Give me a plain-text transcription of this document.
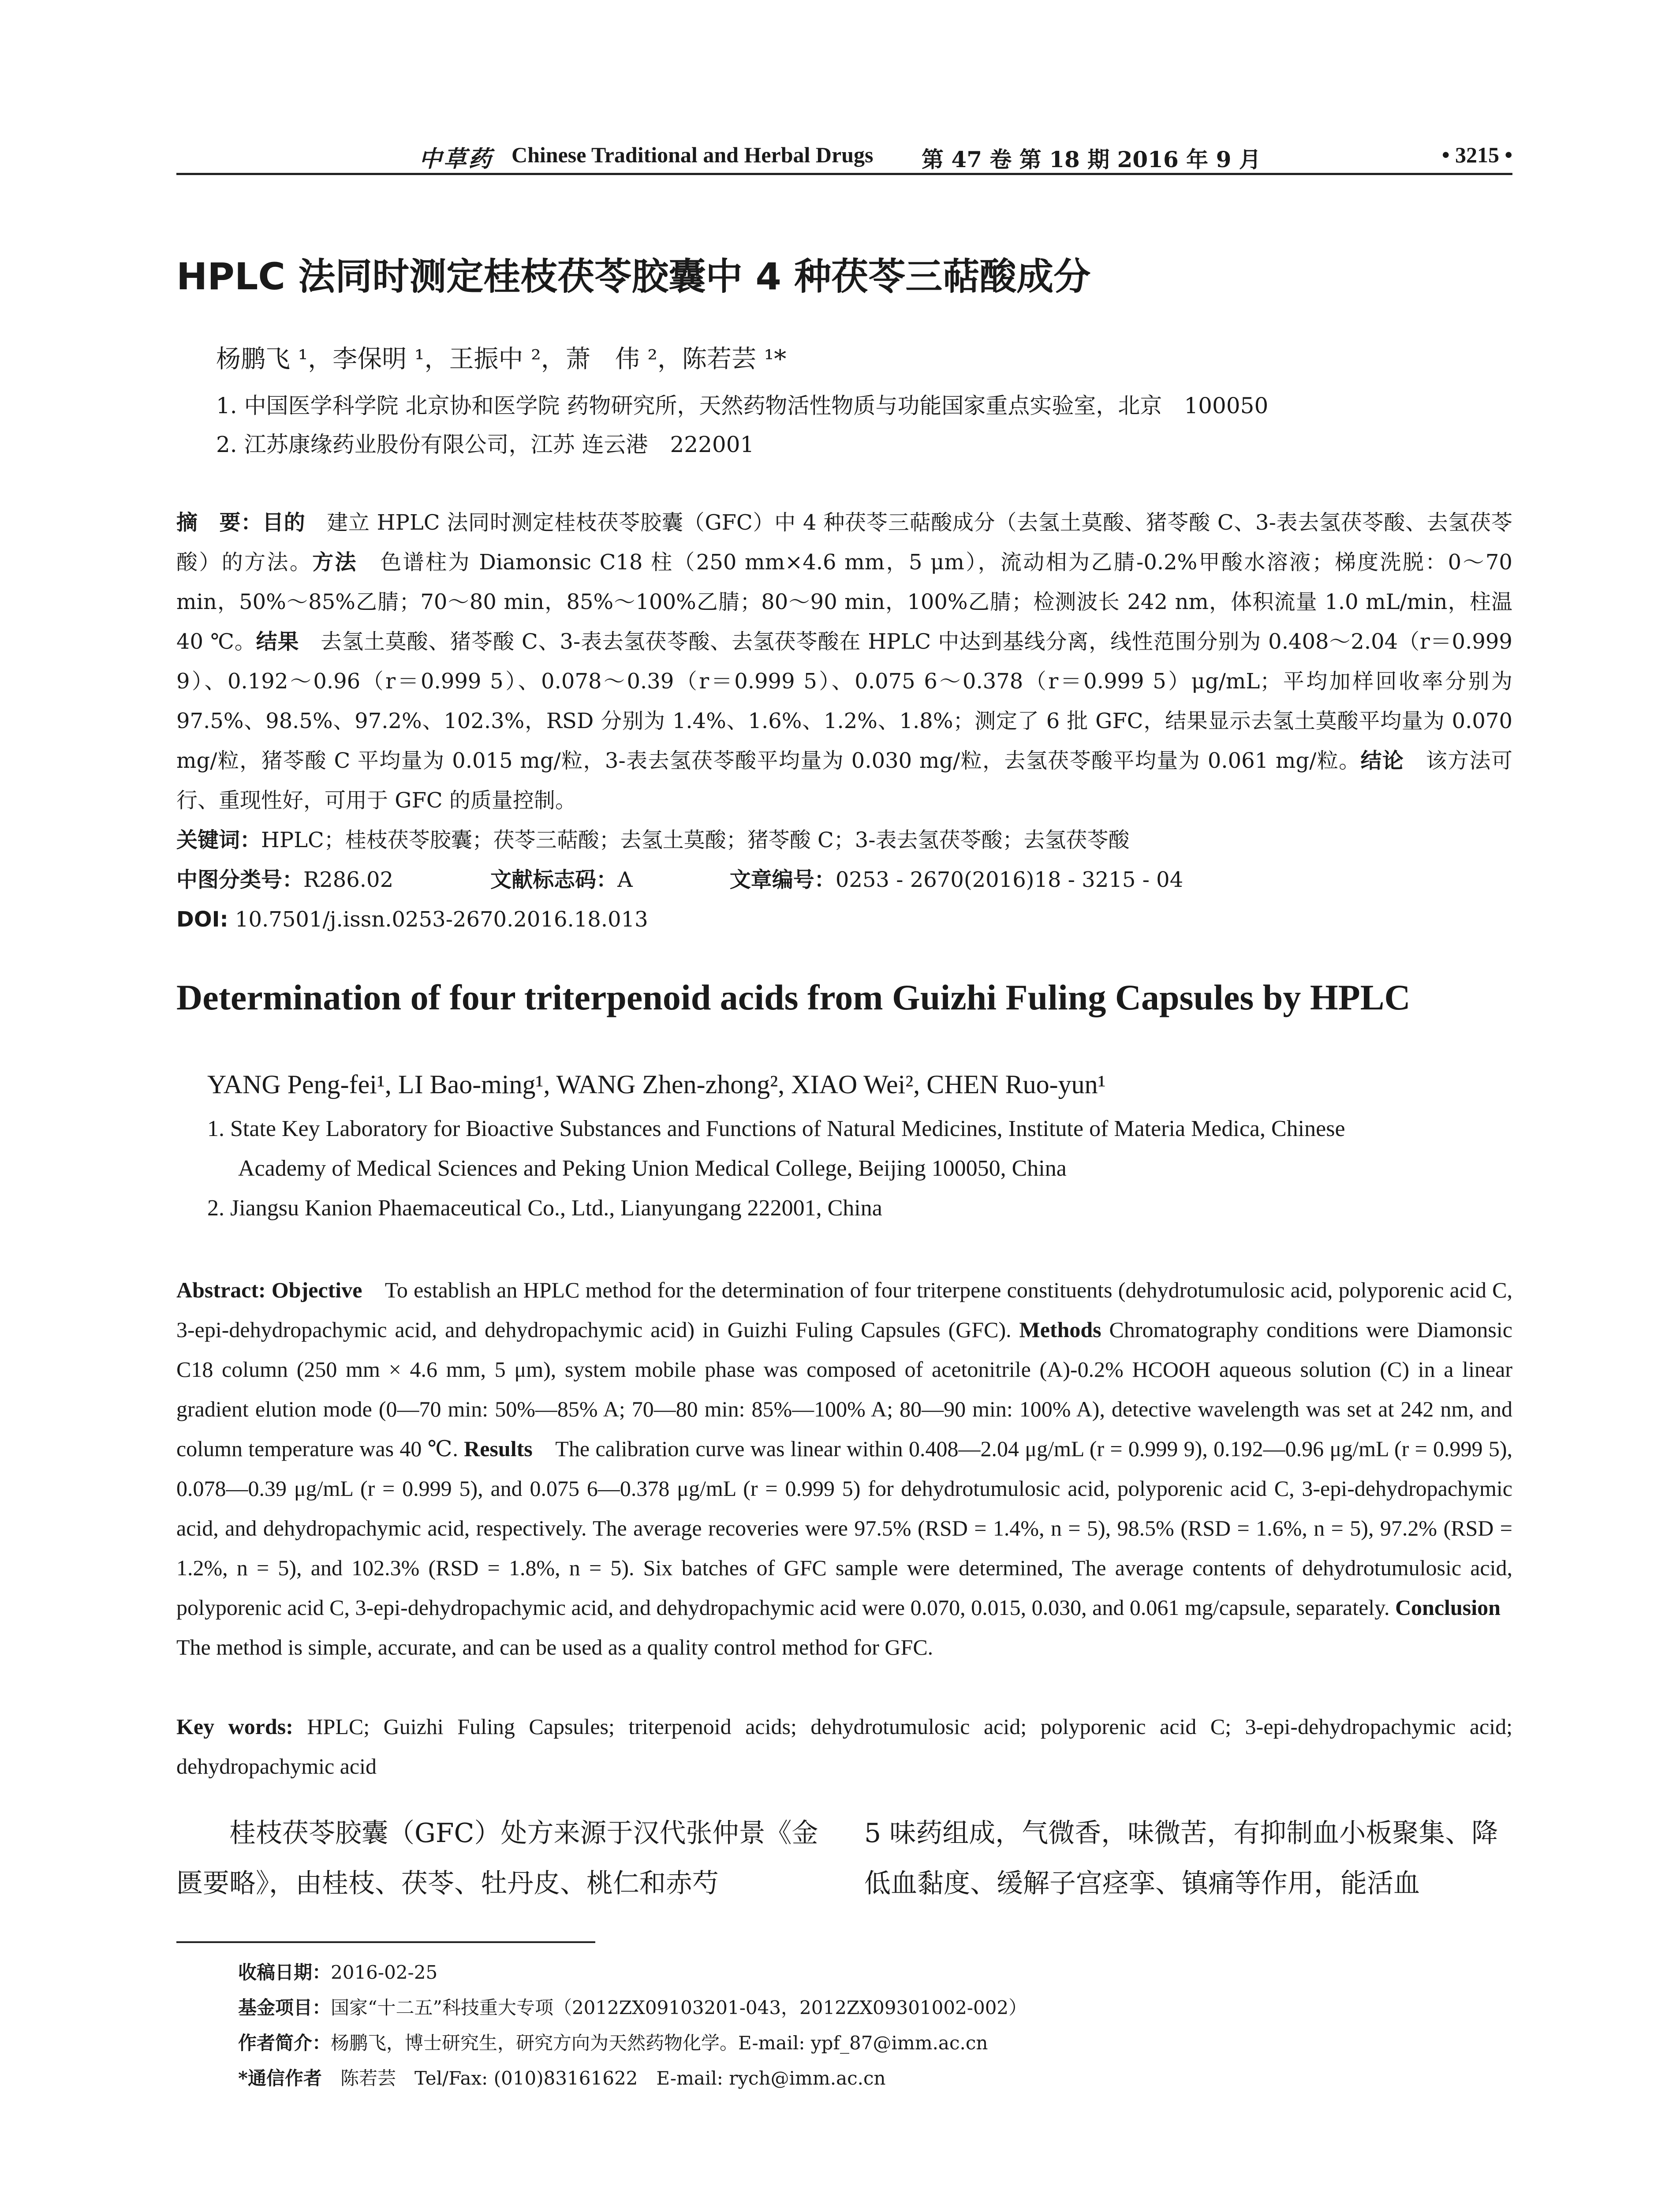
中草药 Chinese Traditional and Herbal Drugs 第 47 卷 第 18 期 2016 年 9 月	• 3215 •
HPLC 法同时测定桂枝茯苓胶囊中 4 种茯苓三萜酸成分
杨鹏飞 ¹，李保明 ¹，王振中 ²，萧　伟 ²，陈若芸 ¹*
1. 中国医学科学院 北京协和医学院 药物研究所，天然药物活性物质与功能国家重点实验室，北京　100050
2. 江苏康缘药业股份有限公司，江苏 连云港　222001
摘　要：目的　建立 HPLC 法同时测定桂枝茯苓胶囊（GFC）中 4 种茯苓三萜酸成分（去氢土莫酸、猪苓酸 C、3-表去氢茯苓酸、去氢茯苓酸）的方法。方法　色谱柱为 Diamonsic C18 柱（250 mm×4.6 mm，5 μm），流动相为乙腈-0.2%甲酸水溶液；梯度洗脱：0～70 min，50%～85%乙腈；70～80 min，85%～100%乙腈；80～90 min，100%乙腈；检测波长 242 nm，体积流量 1.0 mL/min，柱温 40 ℃。结果　去氢土莫酸、猪苓酸 C、3-表去氢茯苓酸、去氢茯苓酸在 HPLC 中达到基线分离，线性范围分别为 0.408～2.04（r＝0.999 9）、0.192～0.96（r＝0.999 5）、0.078～0.39（r＝0.999 5）、0.075 6～0.378（r＝0.999 5）μg/mL；平均加样回收率分别为 97.5%、98.5%、97.2%、102.3%，RSD 分别为 1.4%、1.6%、1.2%、1.8%；测定了 6 批 GFC，结果显示去氢土莫酸平均量为 0.070 mg/粒，猪苓酸 C 平均量为 0.015 mg/粒，3-表去氢茯苓酸平均量为 0.030 mg/粒，去氢茯苓酸平均量为 0.061 mg/粒。结论　该方法可行、重现性好，可用于 GFC 的质量控制。
关键词：HPLC；桂枝茯苓胶囊；茯苓三萜酸；去氢土莫酸；猪苓酸 C；3-表去氢茯苓酸；去氢茯苓酸
中图分类号：R286.02	文献标志码：A	文章编号：0253 - 2670(2016)18 - 3215 - 04
DOI: 10.7501/j.issn.0253-2670.2016.18.013
Determination of four triterpenoid acids from Guizhi Fuling Capsules by HPLC
YANG Peng-fei¹, LI Bao-ming¹, WANG Zhen-zhong², XIAO Wei², CHEN Ruo-yun¹
1. State Key Laboratory for Bioactive Substances and Functions of Natural Medicines, Institute of Materia Medica, Chinese
Academy of Medical Sciences and Peking Union Medical College, Beijing 100050, China
2. Jiangsu Kanion Phaemaceutical Co., Ltd., Lianyungang 222001, China
Abstract: Objective　To establish an HPLC method for the determination of four triterpene constituents (dehydrotumulosic acid, polyporenic acid C, 3-epi-dehydropachymic acid, and dehydropachymic acid) in Guizhi Fuling Capsules (GFC). Methods Chromatography conditions were Diamonsic C18 column (250 mm × 4.6 mm, 5 μm), system mobile phase was composed of acetonitrile (A)-0.2% HCOOH aqueous solution (C) in a linear gradient elution mode (0—70 min: 50%—85% A; 70—80 min: 85%—100% A; 80—90 min: 100% A), detective wavelength was set at 242 nm, and column temperature was 40 ℃. Results　The calibration curve was linear within 0.408—2.04 μg/mL (r = 0.999 9), 0.192—0.96 μg/mL (r = 0.999 5), 0.078—0.39 μg/mL (r = 0.999 5), and 0.075 6—0.378 μg/mL (r = 0.999 5) for dehydrotumulosic acid, polyporenic acid C, 3-epi-dehydropachymic acid, and dehydropachymic acid, respectively. The average recoveries were 97.5% (RSD = 1.4%, n = 5), 98.5% (RSD = 1.6%, n = 5), 97.2% (RSD = 1.2%, n = 5), and 102.3% (RSD = 1.8%, n = 5). Six batches of GFC sample were determined, The average contents of dehydrotumulosic acid, polyporenic acid C, 3-epi-dehydropachymic acid, and dehydropachymic acid were 0.070, 0.015, 0.030, and 0.061 mg/capsule, separately. Conclusion　The method is simple, accurate, and can be used as a quality control method for GFC.
Key words: HPLC; Guizhi Fuling Capsules; triterpenoid acids; dehydrotumulosic acid; polyporenic acid C; 3-epi-dehydropachymic acid; dehydropachymic acid
　　桂枝茯苓胶囊（GFC）处方来源于汉代张仲景《金匮要略》，由桂枝、茯苓、牡丹皮、桃仁和赤芍
5 味药组成，气微香，味微苦，有抑制血小板聚集、降低血黏度、缓解子宫痉挛、镇痛等作用，能活血
收稿日期：2016-02-25
基金项目：国家“十二五”科技重大专项（2012ZX09103201-043，2012ZX09301002-002）
作者简介：杨鹏飞，博士研究生，研究方向为天然药物化学。E-mail: ypf_87@imm.ac.cn
*通信作者　陈若芸　Tel/Fax: (010)83161622　E-mail: rych@imm.ac.cn
